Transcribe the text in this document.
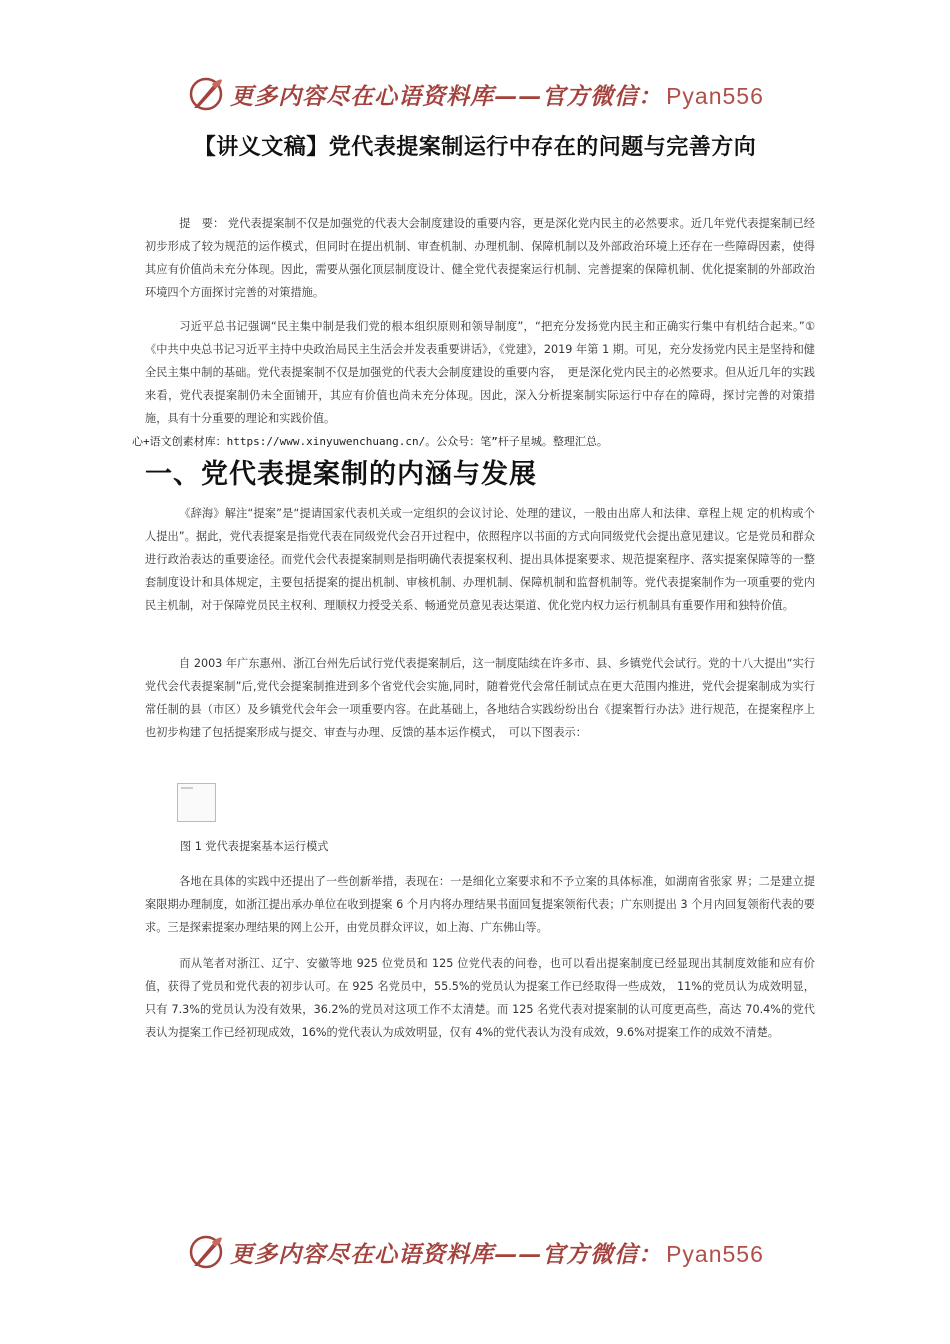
更多内容尽在心语资料库——官方微信： Pyan556
【讲义文稿】党代表提案制运行中存在的问题与完善方向

提　要： 党代表提案制不仅是加强党的代表大会制度建设的重要内容，更是深化党内民主的必然要求。近几年党代表提案制已经初步形成了较为规范的运作模式，但同时在提出机制、审查机制、办理机制、保障机制以及外部政治环境上还存在一些障碍因素，使得其应有价值尚未充分体现。因此，需要从强化顶层制度设计、健全党代表提案运行机制、完善提案的保障机制、优化提案制的外部政治环境四个方面探讨完善的对策措施。

习近平总书记强调“民主集中制是我们党的根本组织原则和领导制度”，“把充分发扬党内民主和正确实行集中有机结合起来。”①《中共中央总书记习近平主持中央政治局民主生活会并发表重要讲话》，《党建》，2019 年第 1 期。可见，充分发扬党内民主是坚持和健全民主集中制的基础。党代表提案制不仅是加强党的代表大会制度建设的重要内容，　更是深化党内民主的必然要求。但从近几年的实践来看，党代表提案制仍未全面铺开，其应有价值也尚未充分体现。因此，深入分析提案制实际运行中存在的障碍，探讨完善的对策措施，具有十分重要的理论和实践价值。

心+语文创素材库：https://www.xinyuwenchuang.cn/。公众号：笔”杆子星城。整理汇总。
一、党代表提案制的内涵与发展

《辞海》解注“提案”是“提请国家代表机关或一定组织的会议讨论、处理的建议，一般由出席人和法律、章程上规 定的机构或个人提出”。据此，党代表提案是指党代表在同级党代会召开过程中，依照程序以书面的方式向同级党代会提出意见建议。它是党员和群众进行政治表达的重要途径。而党代会代表提案制则是指明确代表提案权利、提出具体提案要求、规范提案程序、落实提案保障等的一整套制度设计和具体规定，主要包括提案的提出机制、审核机制、办理机制、保障机制和监督机制等。党代表提案制作为一项重要的党内民主机制，对于保障党员民主权利、理顺权力授受关系、畅通党员意见表达渠道、优化党内权力运行机制具有重要作用和独特价值。

自 2003 年广东惠州、浙江台州先后试行党代表提案制后，这一制度陆续在许多市、县、乡镇党代会试行。党的十八大提出“实行党代会代表提案制”后,党代会提案制推进到多个省党代会实施,同时，随着党代会常任制试点在更大范围内推进，党代会提案制成为实行常任制的县（市区）及乡镇党代会年会一项重要内容。在此基础上，各地结合实践纷纷出台《提案暂行办法》进行规范，在提案程序上也初步构建了包括提案形成与提交、审查与办理、反馈的基本运作模式，　可以下图表示：

图 1 党代表提案基本运行模式

各地在具体的实践中还提出了一些创新举措，表现在：一是细化立案要求和不予立案的具体标准，如湖南省张家 界；二是建立提案限期办理制度，如浙江提出承办单位在收到提案 6 个月内将办理结果书面回复提案领衔代表；广东则提出 3 个月内回复领衔代表的要求。三是探索提案办理结果的网上公开，由党员群众评议，如上海、广东佛山等。

而从笔者对浙江、辽宁、安徽等地 925 位党员和 125 位党代表的问卷，也可以看出提案制度已经显现出其制度效能和应有价值，获得了党员和党代表的初步认可。在 925 名党员中，55.5%的党员认为提案工作已经取得一些成效， 11%的党员认为成效明显，只有 7.3%的党员认为没有效果，36.2%的党员对这项工作不太清楚。而 125 名党代表对提案制的认可度更高些，高达 70.4%的党代表认为提案工作已经初现成效，16%的党代表认为成效明显，仅有 4%的党代表认为没有成效，9.6%对提案工作的成效不清楚。

更多内容尽在心语资料库——官方微信： Pyan556
